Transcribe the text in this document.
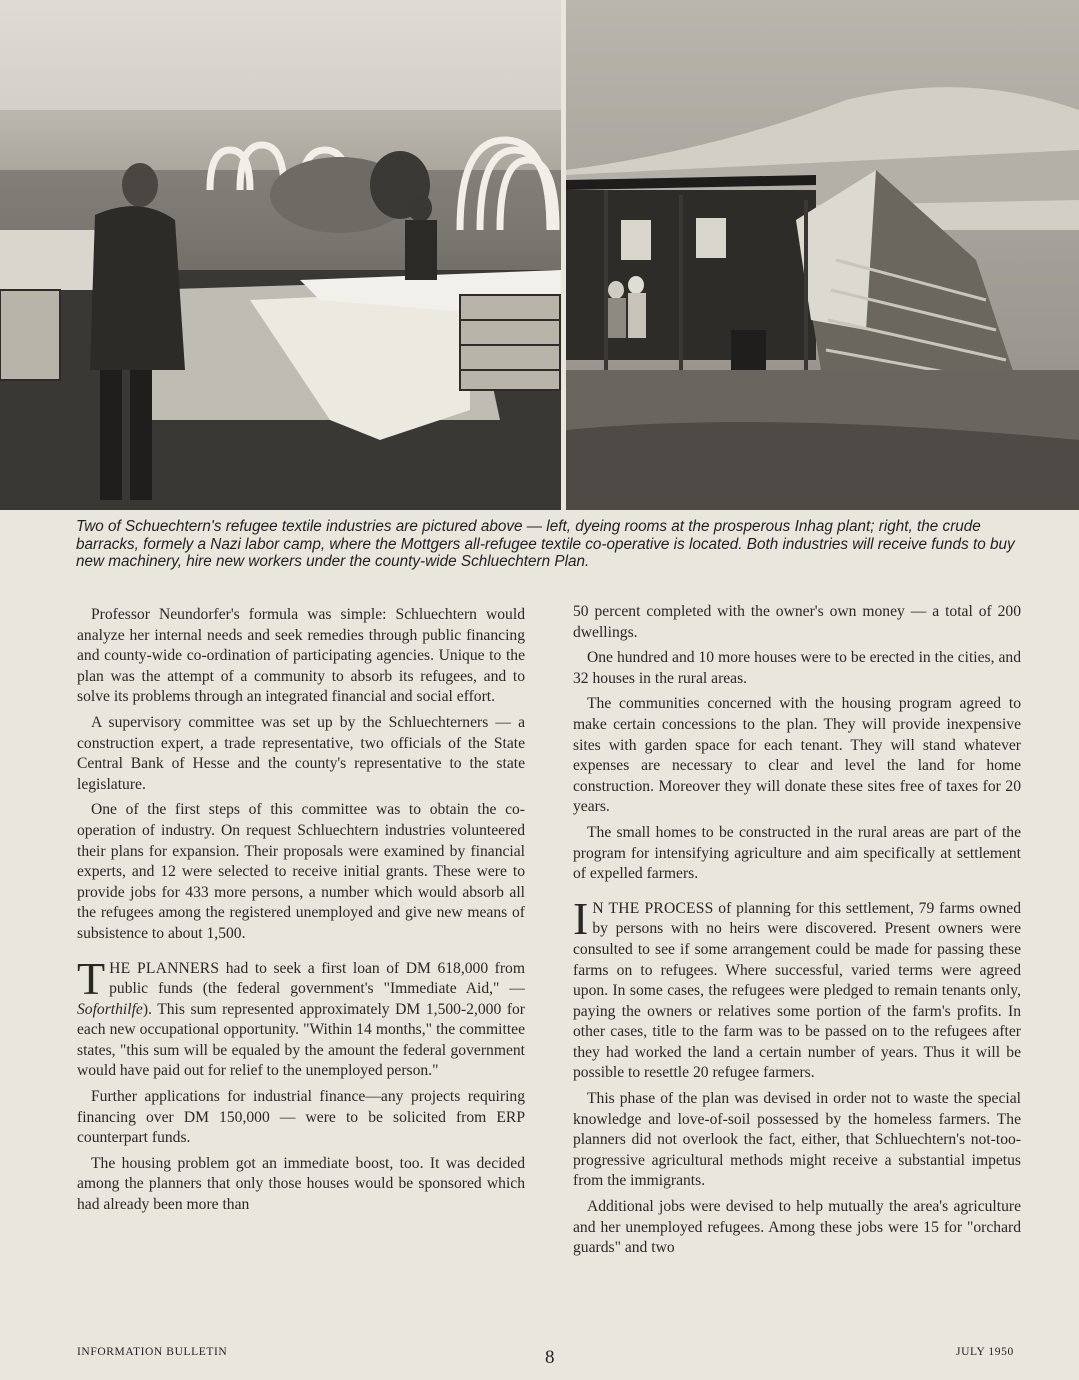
Two of Schuechtern's refugee textile industries are pictured above — left, dyeing rooms at the prosperous Inhag plant; right, the crude barracks, formely a Nazi labor camp, where the Mottgers all-refugee textile co-operative is located. Both industries will receive funds to buy new machinery, hire new workers under the county-wide Schluechtern Plan.

Professor Neundorfer's formula was simple: Schluechtern would analyze her internal needs and seek remedies through public financing and county-wide co-ordination of participating agencies. Unique to the plan was the attempt of a community to absorb its refugees, and to solve its problems through an integrated financial and social effort.

A supervisory committee was set up by the Schluechterners — a construction expert, a trade representative, two officials of the State Central Bank of Hesse and the county's representative to the state legislature.

One of the first steps of this committee was to obtain the co-operation of industry. On request Schluechtern industries volunteered their plans for expansion. Their proposals were examined by financial experts, and 12 were selected to receive initial grants. These were to provide jobs for 433 more persons, a number which would absorb all the refugees among the registered unemployed and give new means of subsistence to about 1,500.

THE PLANNERS had to seek a first loan of DM 618,000 from public funds (the federal government's "Immediate Aid," — Soforthilfe). This sum represented approximately DM 1,500-2,000 for each new occupational opportunity. "Within 14 months," the committee states, "this sum will be equaled by the amount the federal government would have paid out for relief to the unemployed person."

Further applications for industrial finance—any projects requiring financing over DM 150,000 — were to be solicited from ERP counterpart funds.

The housing problem got an immediate boost, too. It was decided among the planners that only those houses would be sponsored which had already been more than

50 percent completed with the owner's own money — a total of 200 dwellings.

One hundred and 10 more houses were to be erected in the cities, and 32 houses in the rural areas.

The communities concerned with the housing program agreed to make certain concessions to the plan. They will provide inexpensive sites with garden space for each tenant. They will stand whatever expenses are necessary to clear and level the land for home construction. Moreover they will donate these sites free of taxes for 20 years.

The small homes to be constructed in the rural areas are part of the program for intensifying agriculture and aim specifically at settlement of expelled farmers.

I N THE PROCESS of planning for this settlement, 79 farms owned by persons with no heirs were discovered. Present owners were consulted to see if some arrangement could be made for passing these farms on to refugees. Where successful, varied terms were agreed upon. In some cases, the refugees were pledged to remain tenants only, paying the owners or relatives some portion of the farm's profits. In other cases, title to the farm was to be passed on to the refugees after they had worked the land a certain number of years. Thus it will be possible to resettle 20 refugee farmers.

This phase of the plan was devised in order not to waste the special knowledge and love-of-soil possessed by the homeless farmers. The planners did not overlook the fact, either, that Schluechtern's not-too-progressive agricultural methods might receive a substantial impetus from the immigrants.

Additional jobs were devised to help mutually the area's agriculture and her unemployed refugees. Among these jobs were 15 for "orchard guards" and two

INFORMATION BULLETIN	8	JULY 1950
